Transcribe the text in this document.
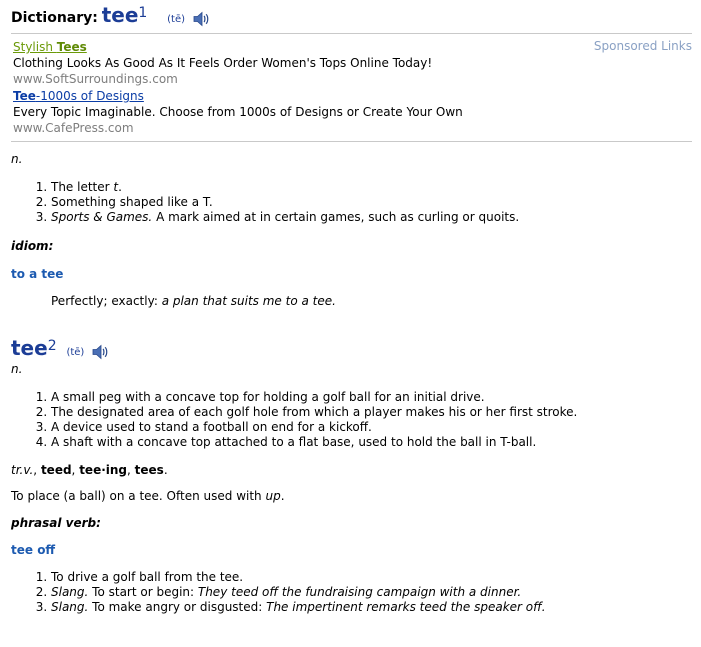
Dictionary: tee1 (tē)
Sponsored Links
Stylish Tees
Clothing Looks As Good As It Feels Order Women's Tops Online Today!
www.SoftSurroundings.com
Tee-1000s of Designs
Every Topic Imaginable. Choose from 1000s of Designs or Create Your Own
www.CafePress.com

n.

1. The letter t.
2. Something shaped like a T.
3. Sports & Games. A mark aimed at in certain games, such as curling or quoits.

idiom:

to a tee

Perfectly; exactly: a plan that suits me to a tee.

tee2 (tē)

n.

1. A small peg with a concave top for holding a golf ball for an initial drive.
2. The designated area of each golf hole from which a player makes his or her first stroke.
3. A device used to stand a football on end for a kickoff.
4. A shaft with a concave top attached to a flat base, used to hold the ball in T-ball.

tr.v., teed, tee·ing, tees.

To place (a ball) on a tee. Often used with up.

phrasal verb:

tee off

1. To drive a golf ball from the tee.
2. Slang. To start or begin: They teed off the fundraising campaign with a dinner.
3. Slang. To make angry or disgusted: The impertinent remarks teed the speaker off.
